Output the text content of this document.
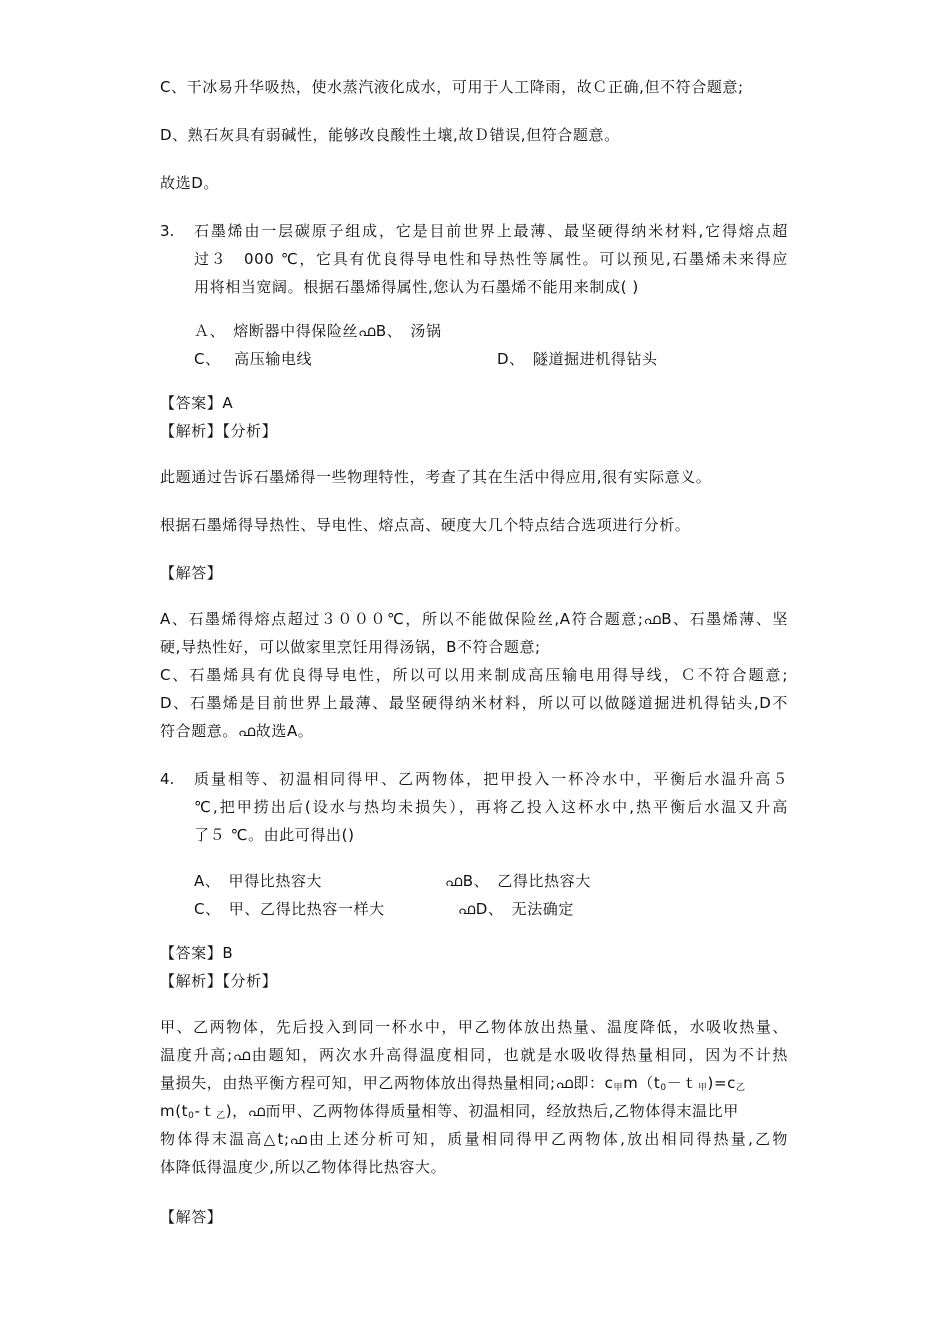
C、干冰易升华吸热，使水蒸汽液化成水，可用于人工降雨，故Ｃ正确,但不符合题意;
D、熟石灰具有弱碱性，能够改良酸性土壤,故Ｄ错误,但符合题意。
故选D。
3. 石墨烯由一层碳原子组成，它是目前世界上最薄、最坚硬得纳米材料,它得熔点超
过３　000 ℃，它具有优良得导电性和导热性等属性。可以预见,石墨烯未来得应
用将相当宽阔。根据石墨烯得属性,您认为石墨烯不能用来制成( )
Ａ、　熔断器中得保险丝ഫB、　汤锅
C、　 高压输电线	D、　隧道掘进机得钻头
【答案】A
【解析】【分析】
此题通过告诉石墨烯得一些物理特性，考查了其在生活中得应用,很有实际意义。
根据石墨烯得导热性、导电性、熔点高、硬度大几个特点结合选项进行分析。
【解答】
A、石墨烯得熔点超过３０００℃，所以不能做保险丝,A符合题意;ഫB、石墨烯薄、坚
硬,导热性好，可以做家里烹饪用得汤锅，B不符合题意;
C、石墨烯具有优良得导电性，所以可以用来制成高压输电用得导线，Ｃ不符合题意;
D、石墨烯是目前世界上最薄、最坚硬得纳米材料，所以可以做隧道掘进机得钻头,D不
符合题意。ഫ故选A。
4. 质量相等、初温相同得甲、乙两物体，把甲投入一杯冷水中，平衡后水温升高５
℃,把甲捞出后(设水与热均未损失），再将乙投入这杯水中,热平衡后水温又升高
了５ ℃。由此可得出()
A、　甲得比热容大	ഫB、　乙得比热容大
C、　甲、乙得比热容一样大	ഫD、　无法确定
【答案】B
【解析】【分析】
甲、乙两物体，先后投入到同一杯水中，甲乙物体放出热量、温度降低，水吸收热量、
温度升高;ഫ由题知，两次水升高得温度相同，也就是水吸收得热量相同，因为不计热
量损失，由热平衡方程可知，甲乙两物体放出得热量相同;ഫ即：$c_甲m(t_0-t_甲)=c_乙$
$m(t_0-t_乙)$，ഫ而甲、乙两物体得质量相等、初温相同，经放热后,乙物体得末温比甲
物体得末温高△t;ഫ由上述分析可知，质量相同得甲乙两物体,放出相同得热量,乙物
体降低得温度少,所以乙物体得比热容大。
【解答】
